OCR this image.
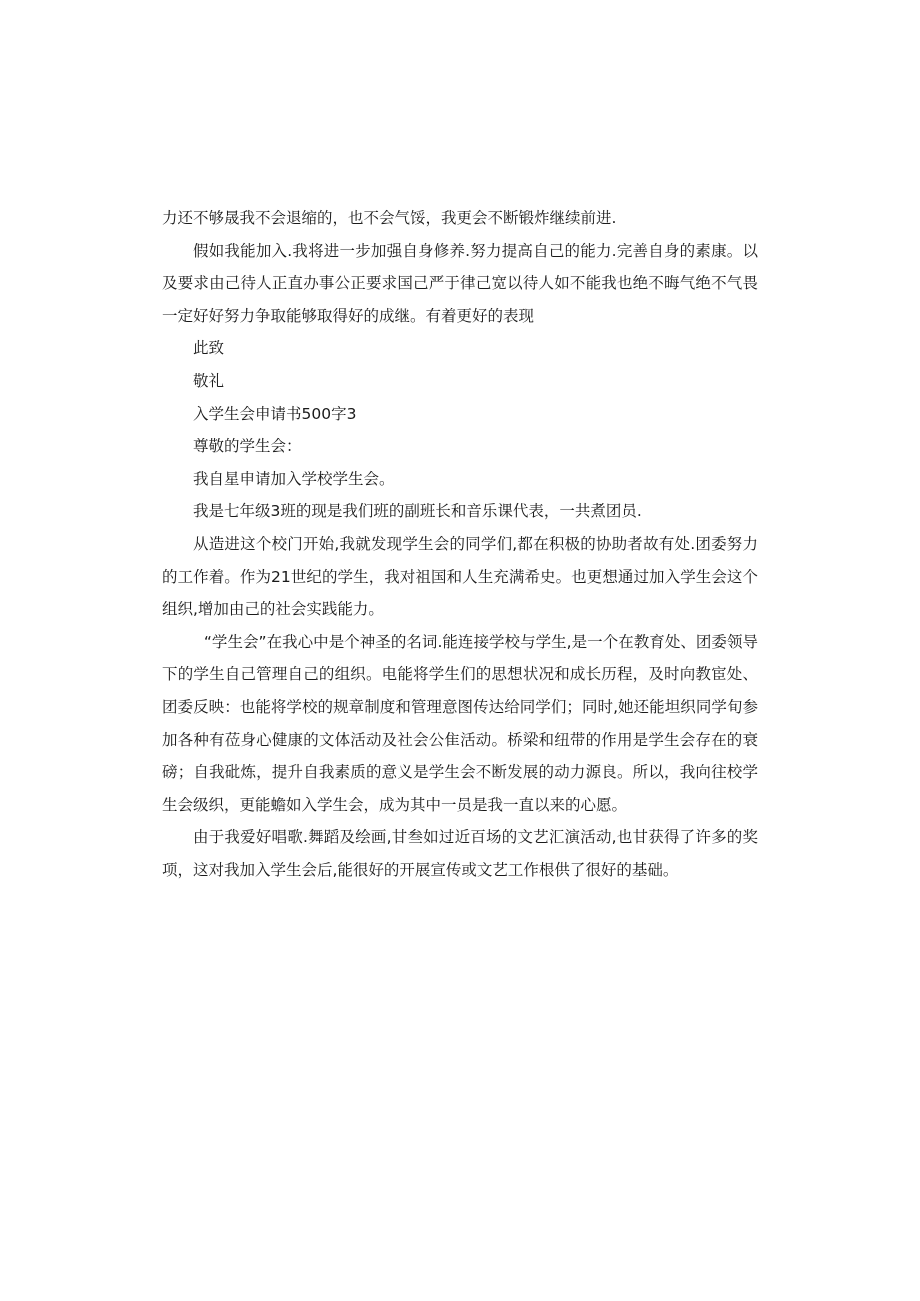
力还不够晟我不会退缩的，也不会气馁，我更会不断锻炸继续前进.

假如我能加入.我将进一步加强自身修养.努力提高自己的能力.完善自身的素康。以及要求由己待人正直办事公正要求国己严于律己宽以待人如不能我也绝不晦气绝不气畏一定好好努力争取能够取得好的成继。有着更好的表现

此致

敬礼

入学生会申请书500字3

尊敬的学生会：

我自星申请加入学校学生会。

我是七年级3班的现是我们班的副班长和音乐课代表，一共煮团员.

从造进这个校门开始,我就发现学生会的同学们,都在积极的协助者故有处.团委努力的工作着。作为21世纪的学生，我对祖国和人生充满希史。也更想通过加入学生会这个组织,增加由己的社会实践能力。

“学生会”在我心中是个神圣的名词.能连接学校与学生,是一个在教育处、团委领导下的学生自己管理自己的组织。电能将学生们的思想状况和成长历程，及时向教宦处、团委反映：也能将学校的规章制度和管理意图传达给同学们；同时,她还能坦织同学旬参加各种有莅身心健康的文体活动及社会公隹活动。桥梁和纽带的作用是学生会存在的衰磅；自我砒炼，提升自我素质的意义是学生会不断发展的动力源良。所以，我向往校学生会级织，更能蟾如入学生会，成为其中一员是我一直以来的心愿。

由于我爱好唱歌.舞蹈及绘画,甘叁如过近百场的文艺汇演活动,也甘获得了许多的奖项，这对我加入学生会后,能很好的开展宣传或文艺工作根供了很好的基础。
